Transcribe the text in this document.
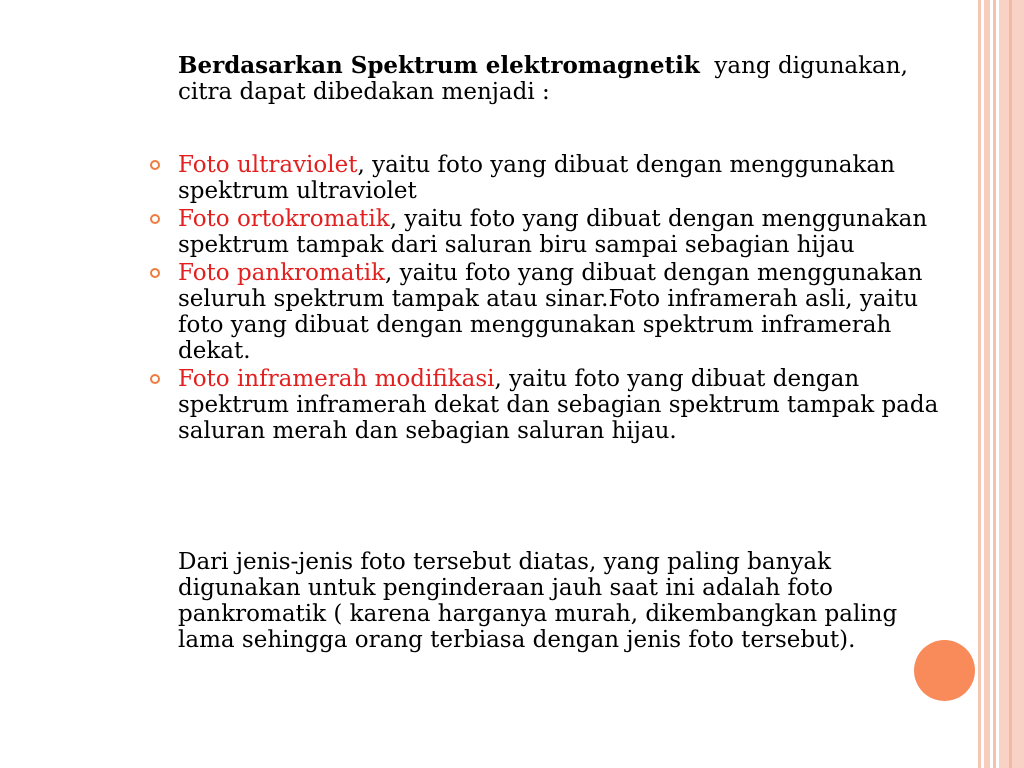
Berdasarkan Spektrum elektromagnetik yang digunakan, citra dapat dibedakan menjadi :
Foto ultraviolet, yaitu foto yang dibuat dengan menggunakan spektrum ultraviolet
Foto ortokromatik, yaitu foto yang dibuat dengan menggunakan spektrum tampak dari saluran biru sampai sebagian hijau
Foto pankromatik, yaitu foto yang dibuat dengan menggunakan seluruh spektrum tampak atau sinar.Foto inframerah asli, yaitu foto yang dibuat dengan menggunakan spektrum inframerah dekat.
Foto inframerah modifikasi, yaitu foto yang dibuat dengan spektrum inframerah dekat dan sebagian spektrum tampak pada saluran merah dan sebagian saluran hijau.
Dari jenis-jenis foto tersebut diatas, yang paling banyak digunakan untuk penginderaan jauh saat ini adalah foto pankromatik ( karena harganya murah, dikembangkan paling lama sehingga orang terbiasa dengan jenis foto tersebut).
